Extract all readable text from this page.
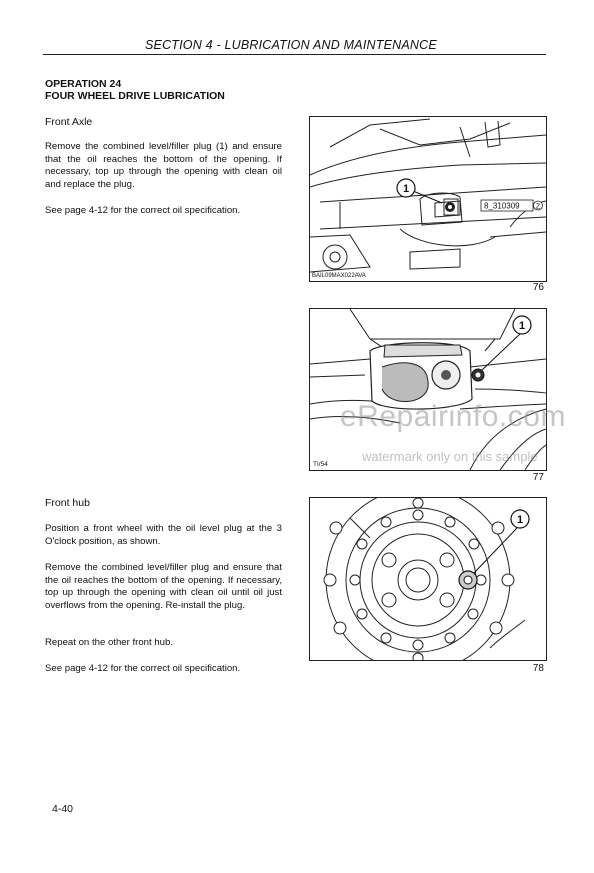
SECTION 4 - LUBRICATION AND MAINTENANCE
OPERATION 24
FOUR WHEEL DRIVE LUBRICATION
Front Axle
Remove the combined level/filler plug (1) and ensure that the oil reaches the bottom of the opening. If necessary, top up through the opening with clean oil and replace the plug.
See page 4-12 for the correct oil specification.
Front hub
Position a front wheel with the oil level plug at the 3 O'clock position, as shown.
Remove the combined level/filler plug and ensure that the oil reaches the bottom of the opening. If necessary, top up through the opening with clean oil until oil just overflows from the opening. Re-install the plug.
Repeat on the other front hub.
See page 4-12 for the correct oil specification.
1
8_310309 Z
BAIL09MAX022AVA
76
1
TI/54
77
1
78
eRepairinfo.com
watermark only on this sample
4-40
